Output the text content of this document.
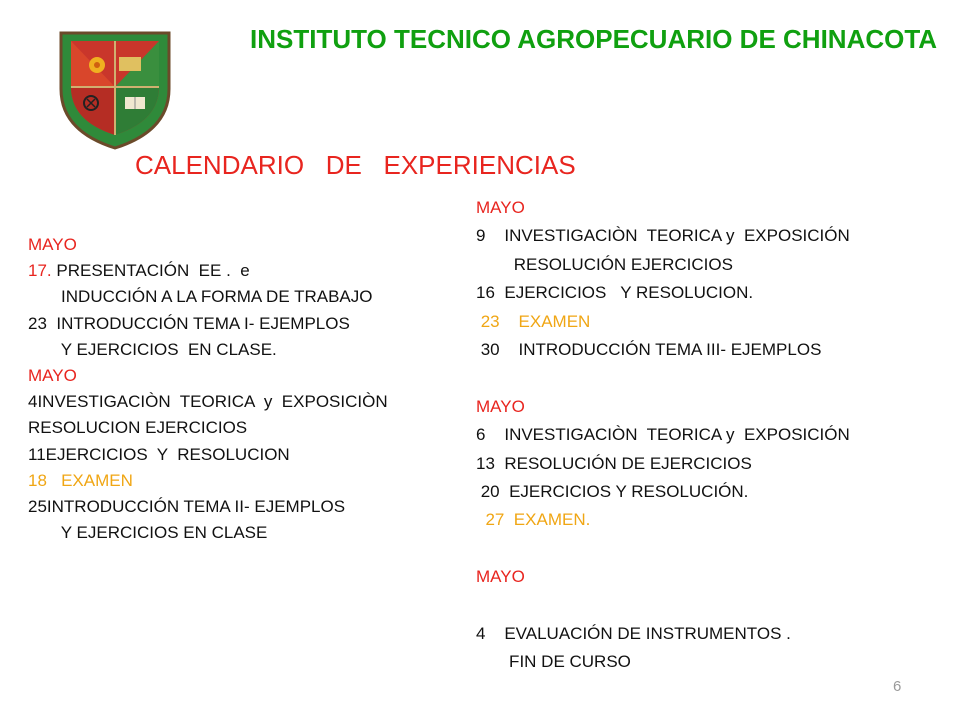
INSTITUTO TECNICO AGROPECUARIO DE CHINACOTA
CALENDARIO   DE   EXPERIENCIAS
MAYO
17. PRESENTACIÓN  EE .  e
INDUCCIÓN A LA FORMA DE TRABAJO
23  INTRODUCCIÓN TEMA I- EJEMPLOS
Y EJERCICIOS  EN CLASE.
MAYO
4INVESTIGACIÒN  TEORICA  y  EXPOSICIÒN
RESOLUCION EJERCICIOS
11EJERCICIOS  Y  RESOLUCION
18   EXAMEN
25INTRODUCCIÓN TEMA II- EJEMPLOS
Y EJERCICIOS EN CLASE
MAYO
9    INVESTIGACIÒN  TEORICA y  EXPOSICIÓN
RESOLUCIÓN EJERCICIOS
16  EJERCICIOS   Y RESOLUCION.
23    EXAMEN
30    INTRODUCCIÓN TEMA III- EJEMPLOS
MAYO
6    INVESTIGACIÒN  TEORICA y  EXPOSICIÓN
13  RESOLUCIÓN DE EJERCICIOS
20  EJERCICIOS Y RESOLUCIÓN.
27  EXAMEN.
MAYO
4    EVALUACIÓN DE INSTRUMENTOS .
FIN DE CURSO
6
